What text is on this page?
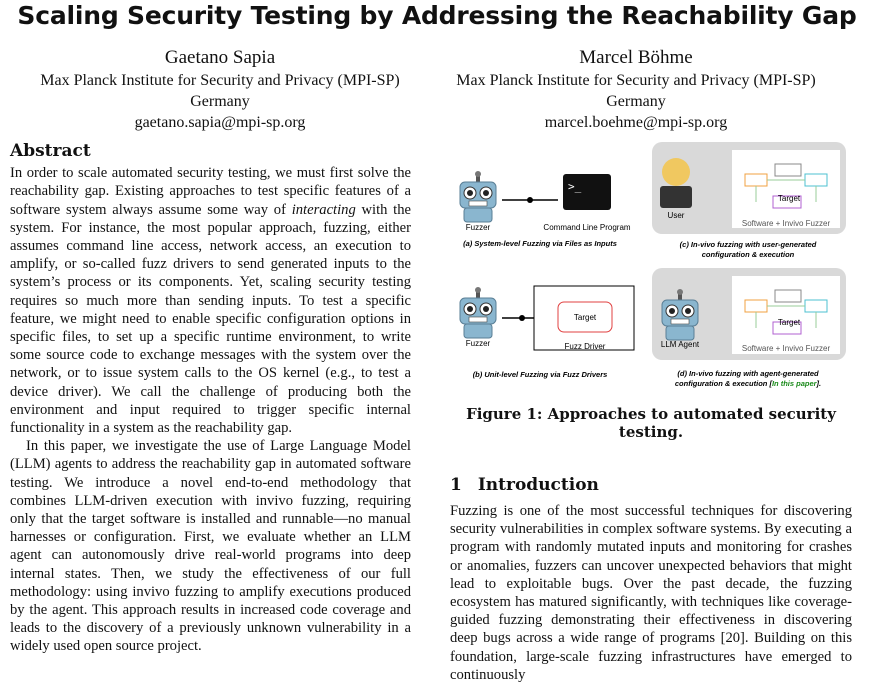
Scaling Security Testing by Addressing the Reachability Gap
Gaetano Sapia
Max Planck Institute for Security and Privacy (MPI-SP)
Germany
gaetano.sapia@mpi-sp.org
Marcel Böhme
Max Planck Institute for Security and Privacy (MPI-SP)
Germany
marcel.boehme@mpi-sp.org
Abstract

In order to scale automated security testing, we must first solve the reachability gap. Existing approaches to test specific features of a software system always assume some way of interacting with the system. For instance, the most popular approach, fuzzing, either assumes command line access, network access, an execution to amplify, or so-called fuzz drivers to send generated inputs to the system’s process or its components. Yet, scaling security testing requires so much more than sending inputs. To test a specific feature, we might need to enable specific configuration options in specific files, to set up a specific runtime environment, to write some source code to exchange messages with the system over the network, or to issue system calls to the OS kernel (e.g., to test a device driver). We call the challenge of producing both the environment and input required to trigger specific internal functionality in a system as the reachability gap.

In this paper, we investigate the use of Large Language Model (LLM) agents to address the reachability gap in automated software testing. We introduce a novel end-to-end methodology that combines LLM-driven execution with invivo fuzzing, requiring only that the target software is installed and runnable—no manual harnesses or configuration. First, we evaluate whether an LLM agent can autonomously drive real-world programs into deep internal states. Then, we study the effectiveness of our full methodology: using invivo fuzzing to amplify executions produced by the agent. This approach results in increased code coverage and leads to the discovery of a previously unknown vulnerability in a widely used open source project.

Fuzzer
>_
Command Line Program
(a) System-level Fuzzing via Files as Inputs
User
Target
Software + Invivo Fuzzer
(c) In-vivo fuzzing with user-generated
configuration & execution
Fuzzer
Target
Fuzz Driver
(b) Unit-level Fuzzing via Fuzz Drivers
LLM Agent
Target
Software + Invivo Fuzzer
(d) In-vivo fuzzing with agent-generated
configuration & execution [In this paper].
Figure 1: Approaches to automated security testing.
1 Introduction
Fuzzing is one of the most successful techniques for discovering security vulnerabilities in complex software systems. By executing a program with randomly mutated inputs and monitoring for crashes or anomalies, fuzzers can uncover unexpected behaviors that might lead to exploitable bugs. Over the past decade, the fuzzing ecosystem has matured significantly, with techniques like coverage-guided fuzzing demonstrating their effectiveness in discovering deep bugs across a wide range of programs [20]. Building on this foundation, large-scale fuzzing infrastructures have emerged to continuously
